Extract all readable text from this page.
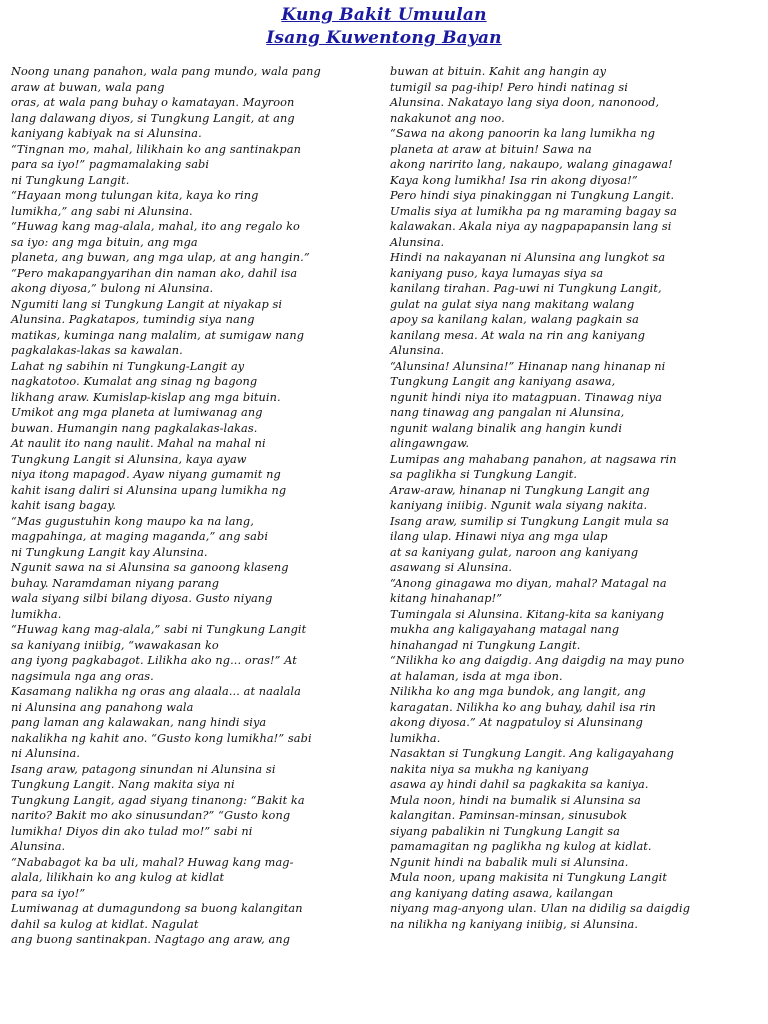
Kung Bakit Umuulan
Isang Kuwentong Bayan
Noong unang panahon, wala pang mundo, wala pang
araw at buwan, wala pang
oras, at wala pang buhay o kamatayan. Mayroon
lang dalawang diyos, si Tungkung Langit, at ang
kaniyang kabiyak na si Alunsina.
“Tingnan mo, mahal, lilikhain ko ang santinakpan
para sa iyo!” pagmamalaking sabi
ni Tungkung Langit.
“Hayaan mong tulungan kita, kaya ko ring
lumikha,” ang sabi ni Alunsina.
“Huwag kang mag-alala, mahal, ito ang regalo ko
sa iyo: ang mga bituin, ang mga
planeta, ang buwan, ang mga ulap, at ang hangin.”
“Pero makapangyarihan din naman ako, dahil isa
akong diyosa,” bulong ni Alunsina.
Ngumiti lang si Tungkung Langit at niyakap si
Alunsina. Pagkatapos, tumindig siya nang
matikas, kuminga nang malalim, at sumigaw nang
pagkalakas-lakas sa kawalan.
Lahat ng sabihin ni Tungkung-Langit ay
nagkatotoo. Kumalat ang sinag ng bagong
likhang araw. Kumislap-kislap ang mga bituin.
Umikot ang mga planeta at lumiwanag ang
buwan. Humangin nang pagkalakas-lakas.
At naulit ito nang naulit. Mahal na mahal ni
Tungkung Langit si Alunsina, kaya ayaw
niya itong mapagod. Ayaw niyang gumamit ng
kahit isang daliri si Alunsina upang lumikha ng
kahit isang bagay.
“Mas gugustuhin kong maupo ka na lang,
magpahinga, at maging maganda,” ang sabi
ni Tungkung Langit kay Alunsina.
Ngunit sawa na si Alunsina sa ganoong klaseng
buhay. Naramdaman niyang parang
wala siyang silbi bilang diyosa. Gusto niyang
lumikha.
“Huwag kang mag-alala,” sabi ni Tungkung Langit
sa kaniyang iniibig, “wawakasan ko
ang iyong pagkabagot. Lilikha ako ng... oras!” At
nagsimula nga ang oras.
Kasamang nalikha ng oras ang alaala... at naalala
ni Alunsina ang panahong wala
pang laman ang kalawakan, nang hindi siya
nakalikha ng kahit ano. “Gusto kong lumikha!” sabi
ni Alunsina.
Isang araw, patagong sinundan ni Alunsina si
Tungkung Langit. Nang makita siya ni
Tungkung Langit, agad siyang tinanong: “Bakit ka
narito? Bakit mo ako sinusundan?” “Gusto kong
lumikha! Diyos din ako tulad mo!” sabi ni
Alunsina.
“Nababagot ka ba uli, mahal? Huwag kang mag-
alala, lilikhain ko ang kulog at kidlat
para sa iyo!”
Lumiwanag at dumagundong sa buong kalangitan
dahil sa kulog at kidlat. Nagulat
ang buong santinakpan. Nagtago ang araw, ang
buwan at bituin. Kahit ang hangin ay
tumigil sa pag-ihip! Pero hindi natinag si
Alunsina. Nakatayo lang siya doon, nanonood,
nakakunot ang noo.
“Sawa na akong panoorin ka lang lumikha ng
planeta at araw at bituin! Sawa na
akong naririto lang, nakaupo, walang ginagawa!
Kaya kong lumikha! Isa rin akong diyosa!”
Pero hindi siya pinakinggan ni Tungkung Langit.
Umalis siya at lumikha pa ng maraming bagay sa
kalawakan. Akala niya ay nagpapapansin lang si
Alunsina.
Hindi na nakayanan ni Alunsina ang lungkot sa
kaniyang puso, kaya lumayas siya sa
kanilang tirahan. Pag-uwi ni Tungkung Langit,
gulat na gulat siya nang makitang walang
apoy sa kanilang kalan, walang pagkain sa
kanilang mesa. At wala na rin ang kaniyang
Alunsina.
“Alunsina! Alunsina!” Hinanap nang hinanap ni
Tungkung Langit ang kaniyang asawa,
ngunit hindi niya ito matagpuan. Tinawag niya
nang tinawag ang pangalan ni Alunsina,
ngunit walang binalik ang hangin kundi
alingawngaw.
Lumipas ang mahabang panahon, at nagsawa rin
sa paglikha si Tungkung Langit.
Araw-araw, hinanap ni Tungkung Langit ang
kaniyang iniibig. Ngunit wala siyang nakita.
Isang araw, sumilip si Tungkung Langit mula sa
ilang ulap. Hinawi niya ang mga ulap
at sa kaniyang gulat, naroon ang kaniyang
asawang si Alunsina.
“Anong ginagawa mo diyan, mahal? Matagal na
kitang hinahanap!”
Tumingala si Alunsina. Kitang-kita sa kaniyang
mukha ang kaligayahang matagal nang
hinahangad ni Tungkung Langit.
“Nilikha ko ang daigdig. Ang daigdig na may puno
at halaman, isda at mga ibon.
Nilikha ko ang mga bundok, ang langit, ang
karagatan. Nilikha ko ang buhay, dahil isa rin
akong diyosa.” At nagpatuloy si Alunsinang
lumikha.
Nasaktan si Tungkung Langit. Ang kaligayahang
nakita niya sa mukha ng kaniyang
asawa ay hindi dahil sa pagkakita sa kaniya.
Mula noon, hindi na bumalik si Alunsina sa
kalangitan. Paminsan-minsan, sinusubok
siyang pabalikin ni Tungkung Langit sa
pamamagitan ng paglikha ng kulog at kidlat.
Ngunit hindi na babalik muli si Alunsina.
Mula noon, upang makisita ni Tungkung Langit
ang kaniyang dating asawa, kailangan
niyang mag-anyong ulan. Ulan na didilig sa daigdig
na nilikha ng kaniyang iniibig, si Alunsina.
